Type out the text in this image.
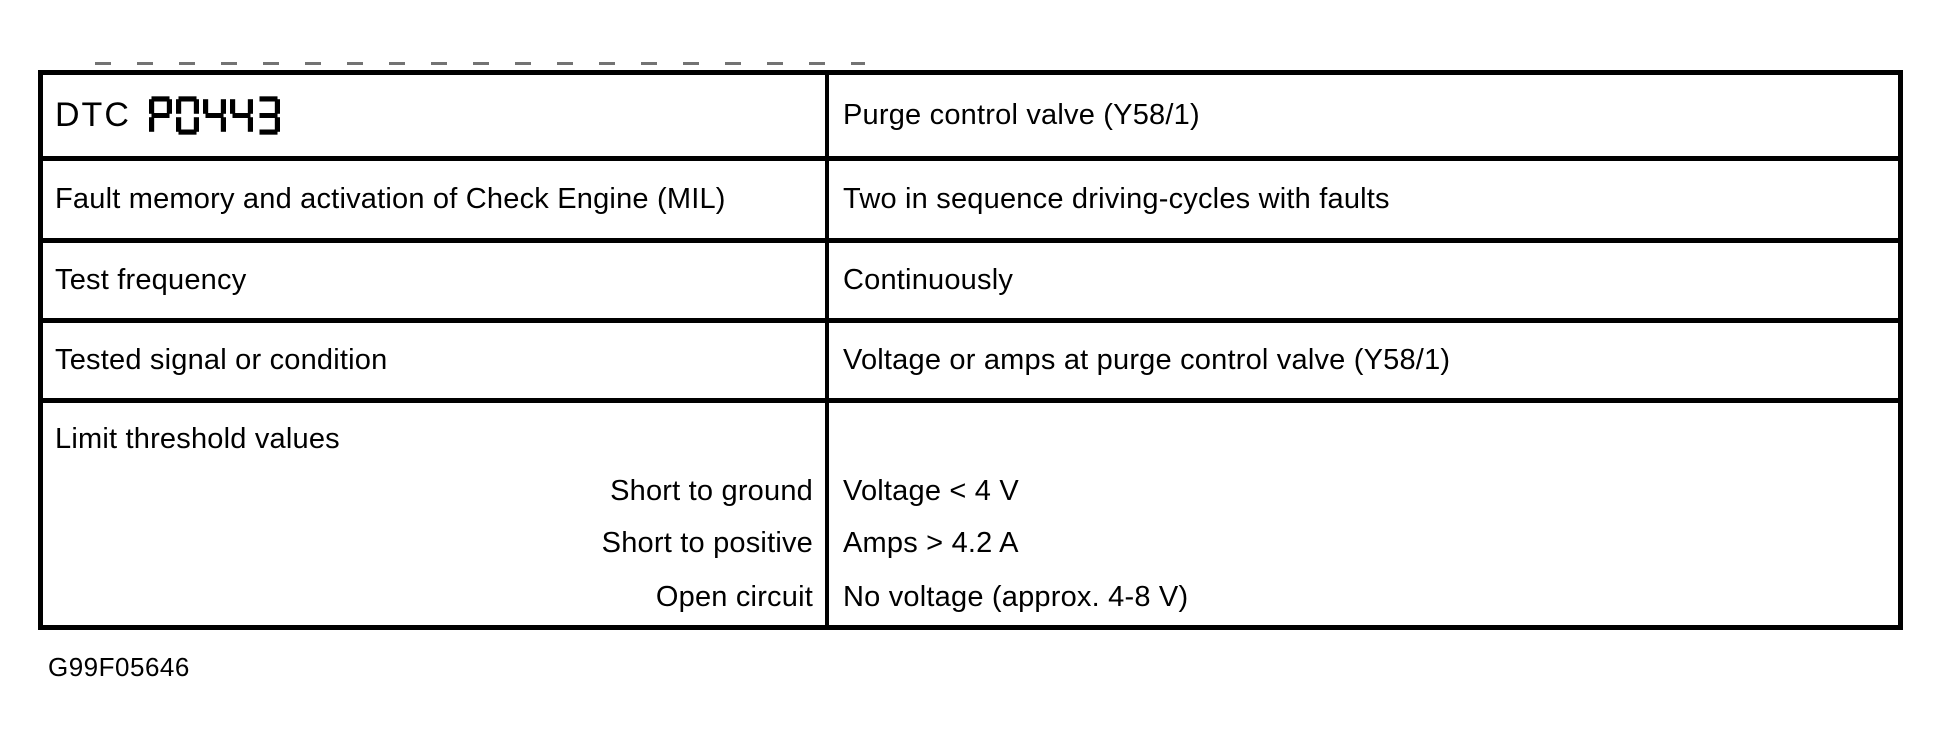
DTC	Purge control valve (Y58/1)
Fault memory and activation of Check Engine (MIL)	Two in sequence driving-cycles with faults
Test frequency	Continuously
Tested signal or condition	Voltage or amps at purge control valve (Y58/1)
Limit threshold values
Short to ground Voltage < 4 V
Short to positive Amps > 4.2 A
Open circuit No voltage (approx. 4-8 V)
G99F05646
